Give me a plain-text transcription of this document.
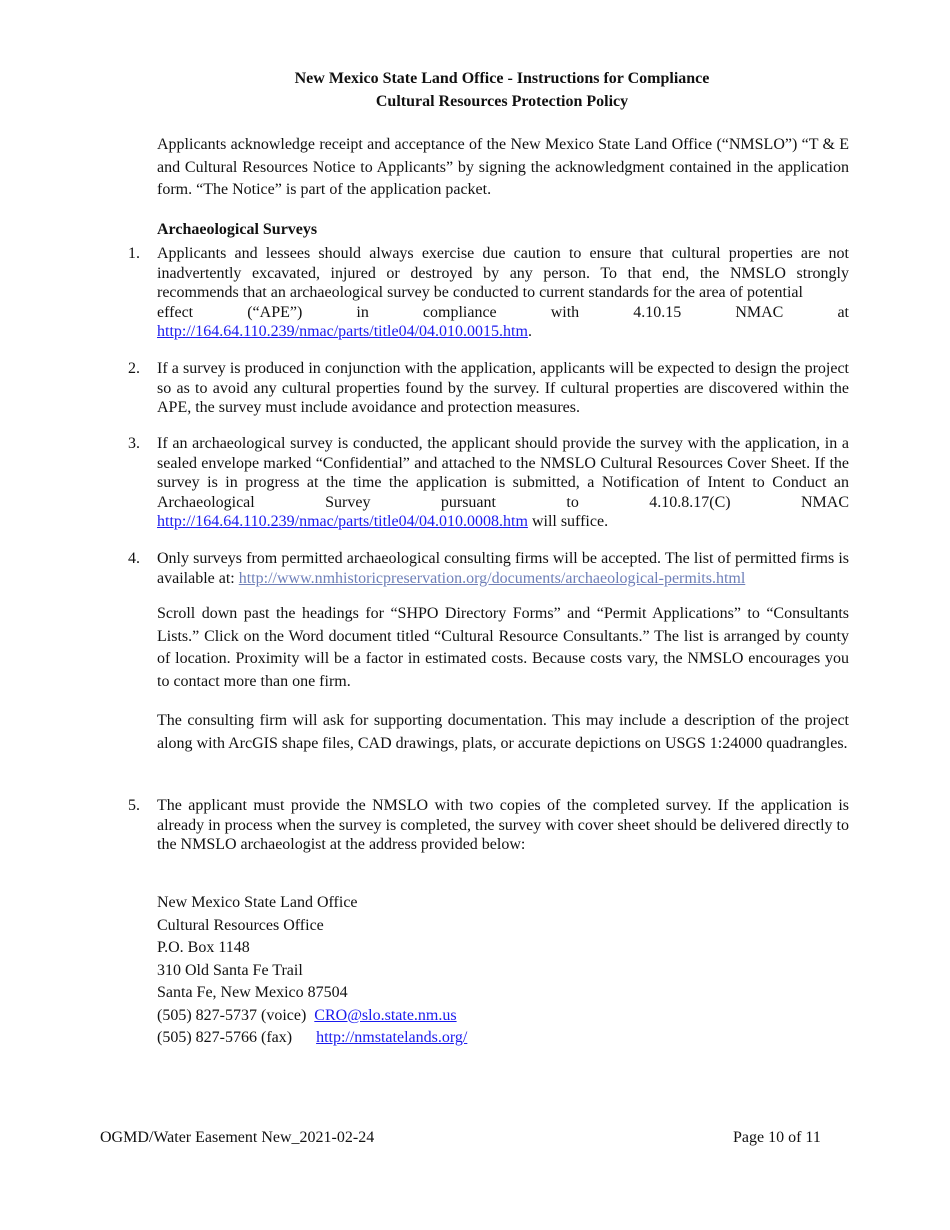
New Mexico State Land Office - Instructions for Compliance
Cultural Resources Protection Policy

Applicants acknowledge receipt and acceptance of the New Mexico State Land Office (“NMSLO”) “T & E and Cultural Resources Notice to Applicants” by signing the acknowledgment contained in the application form. “The Notice” is part of the application packet.

Archaeological Surveys
1. Applicants and lessees should always exercise due caution to ensure that cultural properties are not inadvertently excavated, injured or destroyed by any person. To that end, the NMSLO strongly recommends that an archaeological survey be conducted to current standards for the area of potential
effect	(“APE”)	in	compliance	with	4.10.15	NMAC	at
http://164.64.110.239/nmac/parts/title04/04.010.0015.htm.
2. If a survey is produced in conjunction with the application, applicants will be expected to design the project so as to avoid any cultural properties found by the survey. If cultural properties are discovered within the APE, the survey must include avoidance and protection measures.
3. If an archaeological survey is conducted, the applicant should provide the survey with the application, in a sealed envelope marked “Confidential” and attached to the NMSLO Cultural Resources Cover Sheet. If the survey is in progress at the time the application is submitted, a Notification of Intent to Conduct an Archaeological Survey pursuant to 4.10.8.17(C) NMAC http://164.64.110.239/nmac/parts/title04/04.010.0008.htm will suffice.
4. Only surveys from permitted archaeological consulting firms will be accepted. The list of permitted firms is available at: http://www.nmhistoricpreservation.org/documents/archaeological-permits.html

Scroll down past the headings for “SHPO Directory Forms” and “Permit Applications” to “Consultants Lists.” Click on the Word document titled “Cultural Resource Consultants.” The list is arranged by county of location. Proximity will be a factor in estimated costs. Because costs vary, the NMSLO encourages you to contact more than one firm.

The consulting firm will ask for supporting documentation. This may include a description of the project along with ArcGIS shape files, CAD drawings, plats, or accurate depictions on USGS 1:24000 quadrangles.

5. The applicant must provide the NMSLO with two copies of the completed survey. If the application is already in process when the survey is completed, the survey with cover sheet should be delivered directly to the NMSLO archaeologist at the address provided below:
New Mexico State Land Office
Cultural Resources Office
P.O. Box 1148
310 Old Santa Fe Trail
Santa Fe, New Mexico 87504
(505) 827-5737 (voice) CRO@slo.state.nm.us
(505) 827-5766 (fax) http://nmstatelands.org/
OGMD/Water Easement New_2021-02-24	Page 10 of 11
